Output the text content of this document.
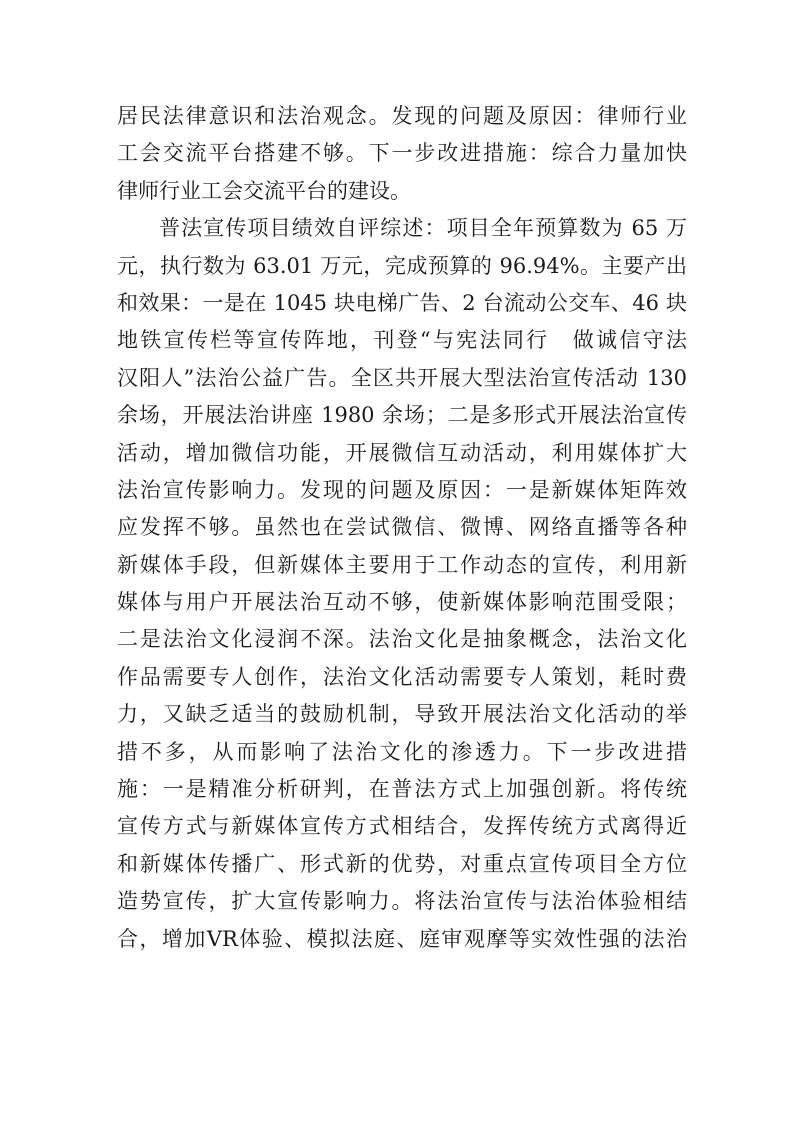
居民法律意识和法治观念。发现的问题及原因：律师行业
工会交流平台搭建不够。下一步改进措施：综合力量加快
律师行业工会交流平台的建设。
普法宣传项目绩效自评综述：项目全年预算数为 65 万
元，执行数为 63.01 万元，完成预算的 96.94%。主要产出
和效果：一是在 1045 块电梯广告、2 台流动公交车、46 块
地铁宣传栏等宣传阵地，刊登“与宪法同行　做诚信守法
汉阳人”法治公益广告。全区共开展大型法治宣传活动 130
余场，开展法治讲座 1980 余场；二是多形式开展法治宣传
活动，增加微信功能，开展微信互动活动，利用媒体扩大
法治宣传影响力。发现的问题及原因：一是新媒体矩阵效
应发挥不够。虽然也在尝试微信、微博、网络直播等各种
新媒体手段，但新媒体主要用于工作动态的宣传，利用新
媒体与用户开展法治互动不够，使新媒体影响范围受限；
二是法治文化浸润不深。法治文化是抽象概念，法治文化
作品需要专人创作，法治文化活动需要专人策划，耗时费
力，又缺乏适当的鼓励机制，导致开展法治文化活动的举
措不多，从而影响了法治文化的渗透力。下一步改进措
施：一是精准分析研判，在普法方式上加强创新。将传统
宣传方式与新媒体宣传方式相结合，发挥传统方式离得近
和新媒体传播广、形式新的优势，对重点宣传项目全方位
造势宣传，扩大宣传影响力。将法治宣传与法治体验相结
合，增加VR体验、模拟法庭、庭审观摩等实效性强的法治
